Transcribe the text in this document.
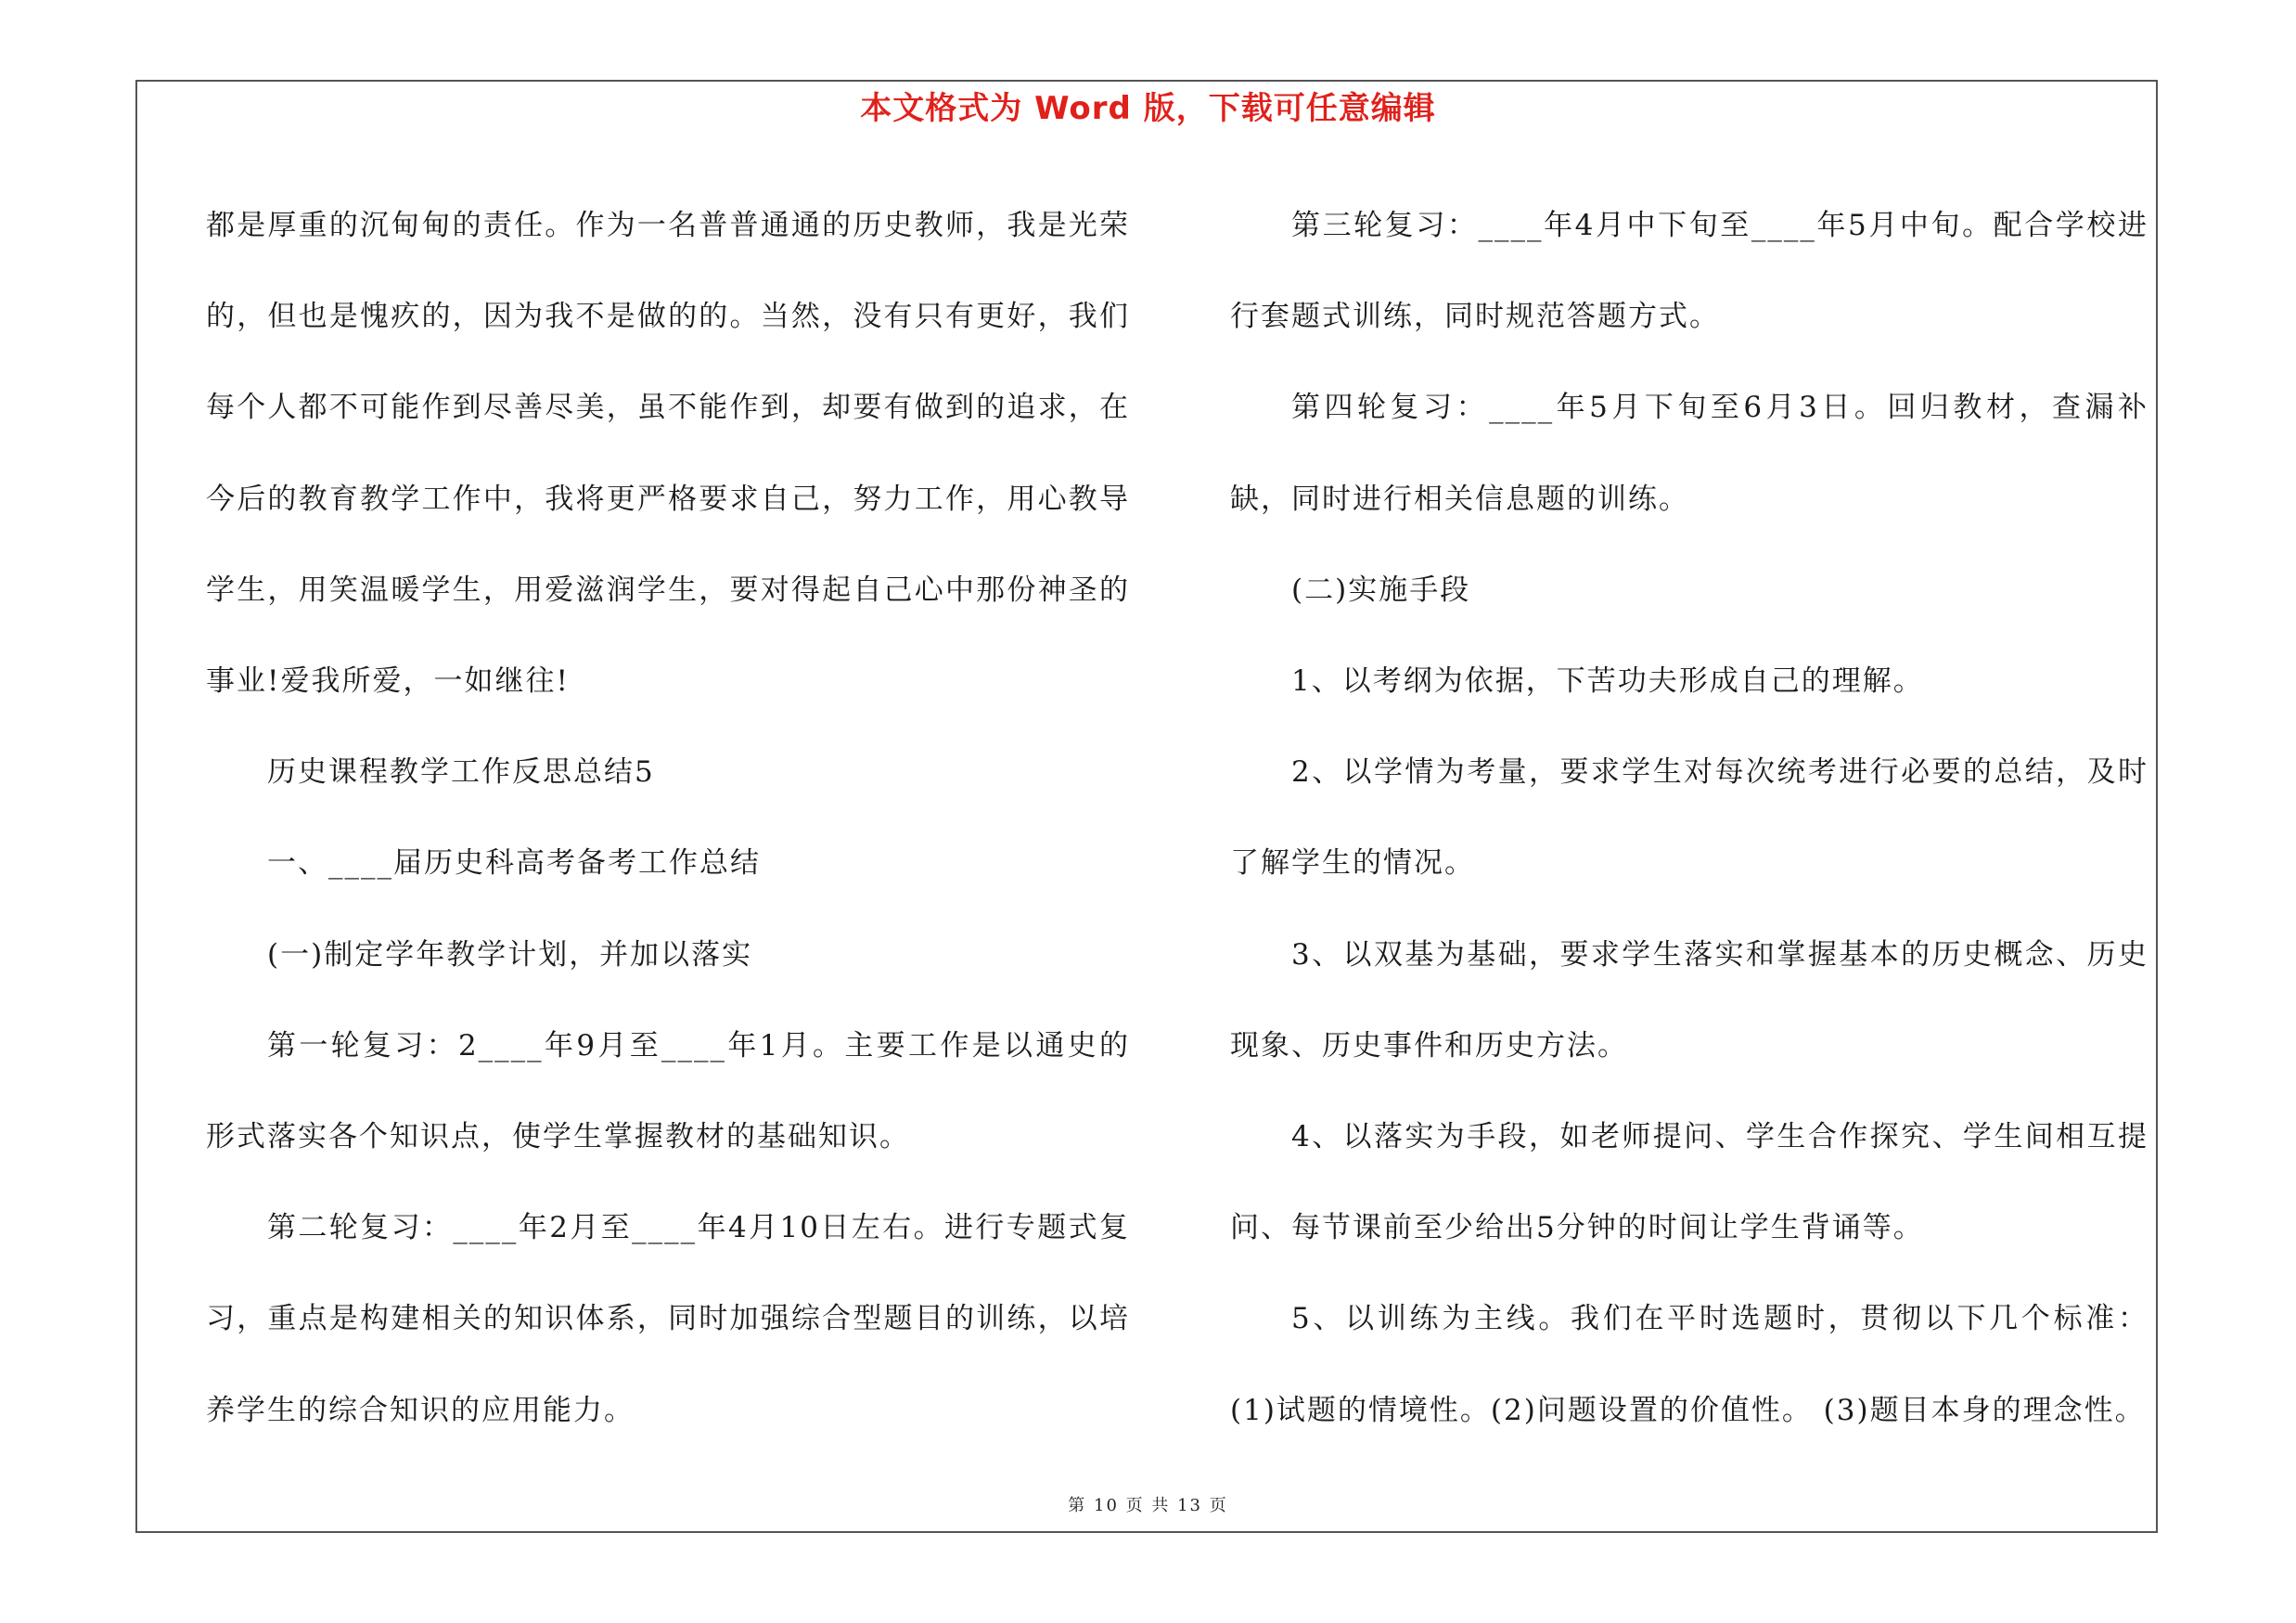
本文格式为 Word 版，下载可任意编辑

都是厚重的沉甸甸的责任。作为一名普普通通的历史教师，我是光荣的，但也是愧疚的，因为我不是做的的。当然，没有只有更好，我们每个人都不可能作到尽善尽美，虽不能作到，却要有做到的追求，在今后的教育教学工作中，我将更严格要求自己，努力工作，用心教导学生，用笑温暖学生，用爱滋润学生，要对得起自己心中那份神圣的事业!爱我所爱，一如继往!

历史课程教学工作反思总结5

一、____届历史科高考备考工作总结

(一)制定学年教学计划，并加以落实

第一轮复习：2____年9月至____年1月。主要工作是以通史的形式落实各个知识点，使学生掌握教材的基础知识。

第二轮复习：____年2月至____年4月10日左右。进行专题式复习，重点是构建相关的知识体系，同时加强综合型题目的训练，以培养学生的综合知识的应用能力。

第三轮复习：____年4月中下旬至____年5月中旬。配合学校进行套题式训练，同时规范答题方式。

第四轮复习：____年5月下旬至6月3日。回归教材，查漏补缺，同时进行相关信息题的训练。

(二)实施手段

1、以考纲为依据，下苦功夫形成自己的理解。

2、以学情为考量，要求学生对每次统考进行必要的总结，及时了解学生的情况。

3、以双基为基础，要求学生落实和掌握基本的历史概念、历史现象、历史事件和历史方法。

4、以落实为手段，如老师提问、学生合作探究、学生间相互提问、每节课前至少给出5分钟的时间让学生背诵等。

5、以训练为主线。我们在平时选题时，贯彻以下几个标准：(1)试题的情境性。(2)问题设置的价值性。 (3)题目本身的理念性。

第 10 页 共 13 页
